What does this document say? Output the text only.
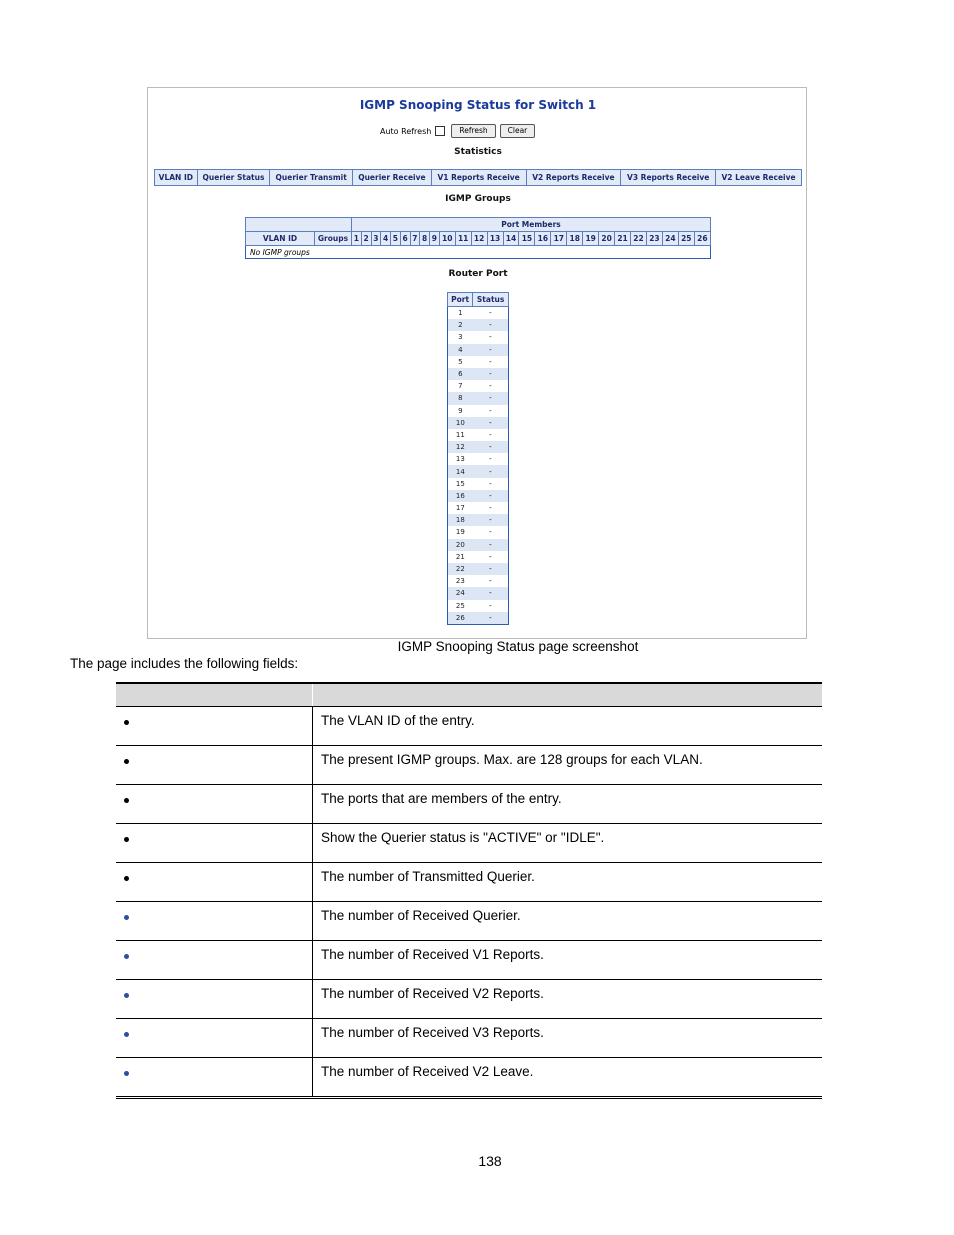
IGMP Snooping Status for Switch 1
Auto Refresh	Refresh	Clear
Statistics
VLAN ID	Querier Status	Querier Transmit	Querier Receive	V1 Reports Receive	V2 Reports Receive	V3 Reports Receive	V2 Leave Receive
IGMP Groups
		Port Members																									
VLAN ID	Groups	1	2	3	4	5	6	7	8	9	10	11	12	13	14	15	16	17	18	19	20	21	22	23	24	25	26
No IGMP groups																											
Router Port
Port	Status
1	-
2	-
3	-
4	-
5	-
6	-
7	-
8	-
9	-
10	-
11	-
12	-
13	-
14	-
15	-
16	-
17	-
18	-
19	-
20	-
21	-
22	-
23	-
24	-
25	-
26	-
IGMP Snooping Status page screenshot
The page includes the following fields:

	The VLAN ID of the entry.
	The present IGMP groups. Max. are 128 groups for each VLAN.
	The ports that are members of the entry.
	Show the Querier status is "ACTIVE" or "IDLE".
	The number of Transmitted Querier.
	The number of Received Querier.
	The number of Received V1 Reports.
	The number of Received V2 Reports.
	The number of Received V3 Reports.
	The number of Received V2 Leave.
138
